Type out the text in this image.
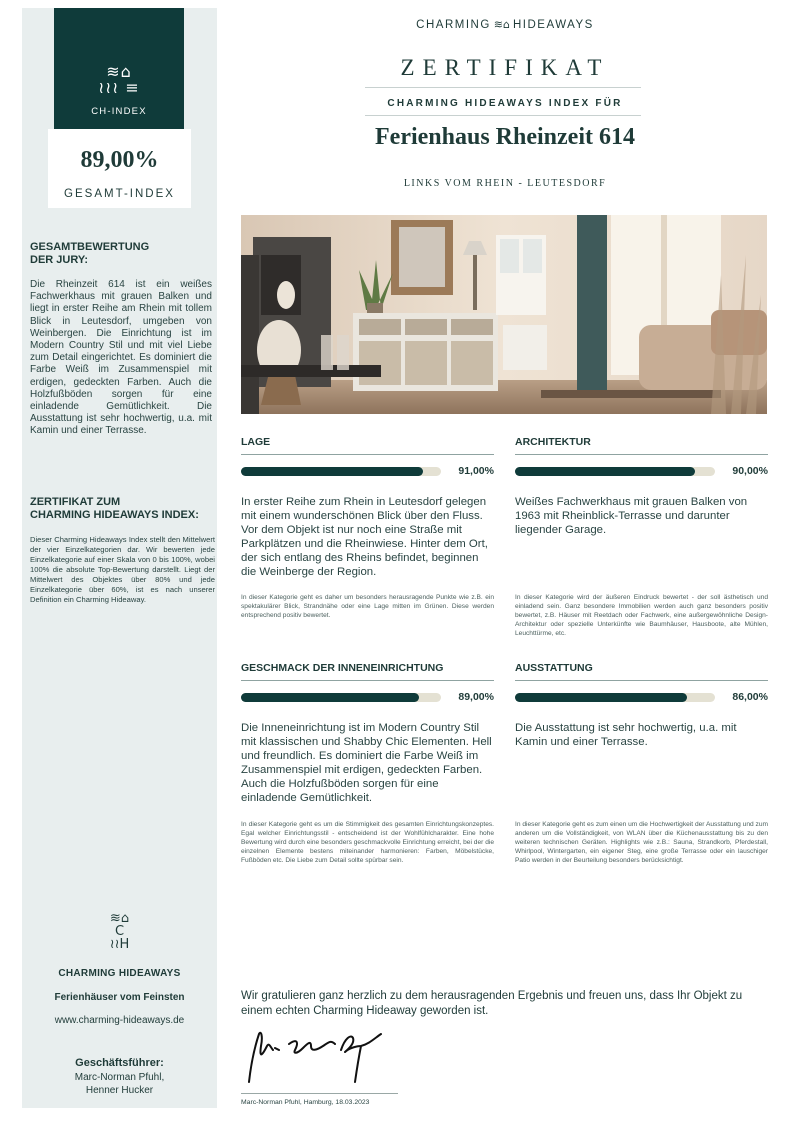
≋⌂
≀≀≀ ≡
CH-INDEX
89,00%
GESAMT-INDEX
GESAMTBEWERTUNG
DER JURY:
Die Rheinzeit 614 ist ein weißes Fachwerkhaus mit grauen Balken und liegt in erster Reihe am Rhein mit tollem Blick in Leutesdorf, umgeben von Weinbergen. Die Einrichtung ist im Modern Country Stil und mit viel Liebe zum Detail eingerichtet. Es dominiert die Farbe Weiß im Zusammenspiel mit erdigen, gedeckten Farben. Auch die Holzfußböden sorgen für eine einladende Gemütlichkeit. Die Ausstattung ist sehr hochwertig, u.a. mit Kamin und einer Terrasse.
ZERTIFIKAT ZUM
CHARMING HIDEAWAYS INDEX:
Dieser Charming Hideaways Index stellt den Mittelwert der vier Einzelkategorien dar. Wir bewerten jede Einzelkategorie auf einer Skala von 0 bis 100%, wobei 100% die absolute Top-Bewertung darstellt. Liegt der Mittelwert des Objektes über 80% und jede Einzelkategorie über 60%, ist es nach unserer Definition ein Charming Hideaway.
≋⌂
C
≀≀H
CHARMING HIDEAWAYS
Ferienhäuser vom Feinsten
www.charming-hideaways.de
Geschäftsführer:
Marc-Norman Pfuhl,
Henner Hucker
CHARMING ≋⌂ HIDEAWAYS
ZERTIFIKAT
CHARMING HIDEAWAYS INDEX FÜR
Ferienhaus Rheinzeit 614
LINKS VOM RHEIN - LEUTESDORF
LAGE
91,00%
In erster Reihe zum Rhein in Leutesdorf gelegen mit einem wunderschönen Blick über den Fluss. Vor dem Objekt ist nur noch eine Straße mit Parkplätzen und die Rheinwiese. Hinter dem Ort, der sich entlang des Rheins befindet, beginnen die Weinberge der Region.
In dieser Kategorie geht es daher um besonders herausragende Punkte wie z.B. ein spektakulärer Blick, Strandnähe oder eine Lage mitten im Grünen. Diese werden entsprechend positiv bewertet.
ARCHITEKTUR
90,00%
Weißes Fachwerkhaus mit grauen Balken von 1963 mit Rheinblick-Terrasse und darunter liegender Garage.
In dieser Kategorie wird der äußeren Eindruck bewertet - der soll ästhetisch und einladend sein. Ganz besondere Immobilien werden auch ganz besonders positiv bewertet, z.B. Häuser mit Reetdach oder Fachwerk, eine außergewöhnliche Design-Architektur oder spezielle Unterkünfte wie Baumhäuser, Hausboote, alte Mühlen, Leuchttürme, etc.
GESCHMACK DER INNENEINRICHTUNG
89,00%
Die Inneneinrichtung ist im Modern Country Stil mit klassischen und Shabby Chic Elementen. Hell und freundlich. Es dominiert die Farbe Weiß im Zusammenspiel mit erdigen, gedeckten Farben. Auch die Holzfußböden sorgen für eine einladende Gemütlichkeit.
In dieser Kategorie geht es um die Stimmigkeit des gesamten Einrichtungskonzeptes. Egal welcher Einrichtungsstil - entscheidend ist der Wohlfühlcharakter. Eine hohe Bewertung wird durch eine besonders geschmackvolle Einrichtung erreicht, bei der die einzelnen Elemente bestens miteinander harmonieren: Farben, Möbelstücke, Fußböden etc. Die Liebe zum Detail sollte spürbar sein.
AUSSTATTUNG
86,00%
Die Ausstattung ist sehr hochwertig, u.a. mit Kamin und einer Terrasse.
In dieser Kategorie geht es zum einen um die Hochwertigkeit der Ausstattung und zum anderen um die Vollständigkeit, von WLAN über die Küchenausstattung bis zu den weiteren technischen Geräten. Highlights wie z.B.: Sauna, Strandkorb, Pferdestall, Whirlpool, Wintergarten, ein eigener Steg, eine große Terrasse oder ein lauschiger Patio werden in der Beurteilung besonders berücksichtigt.
Wir gratulieren ganz herzlich zu dem herausragenden Ergebnis und freuen uns, dass Ihr Objekt zu einem echten Charming Hideaway geworden ist.
Marc-Norman Pfuhl, Hamburg, 18.03.2023
